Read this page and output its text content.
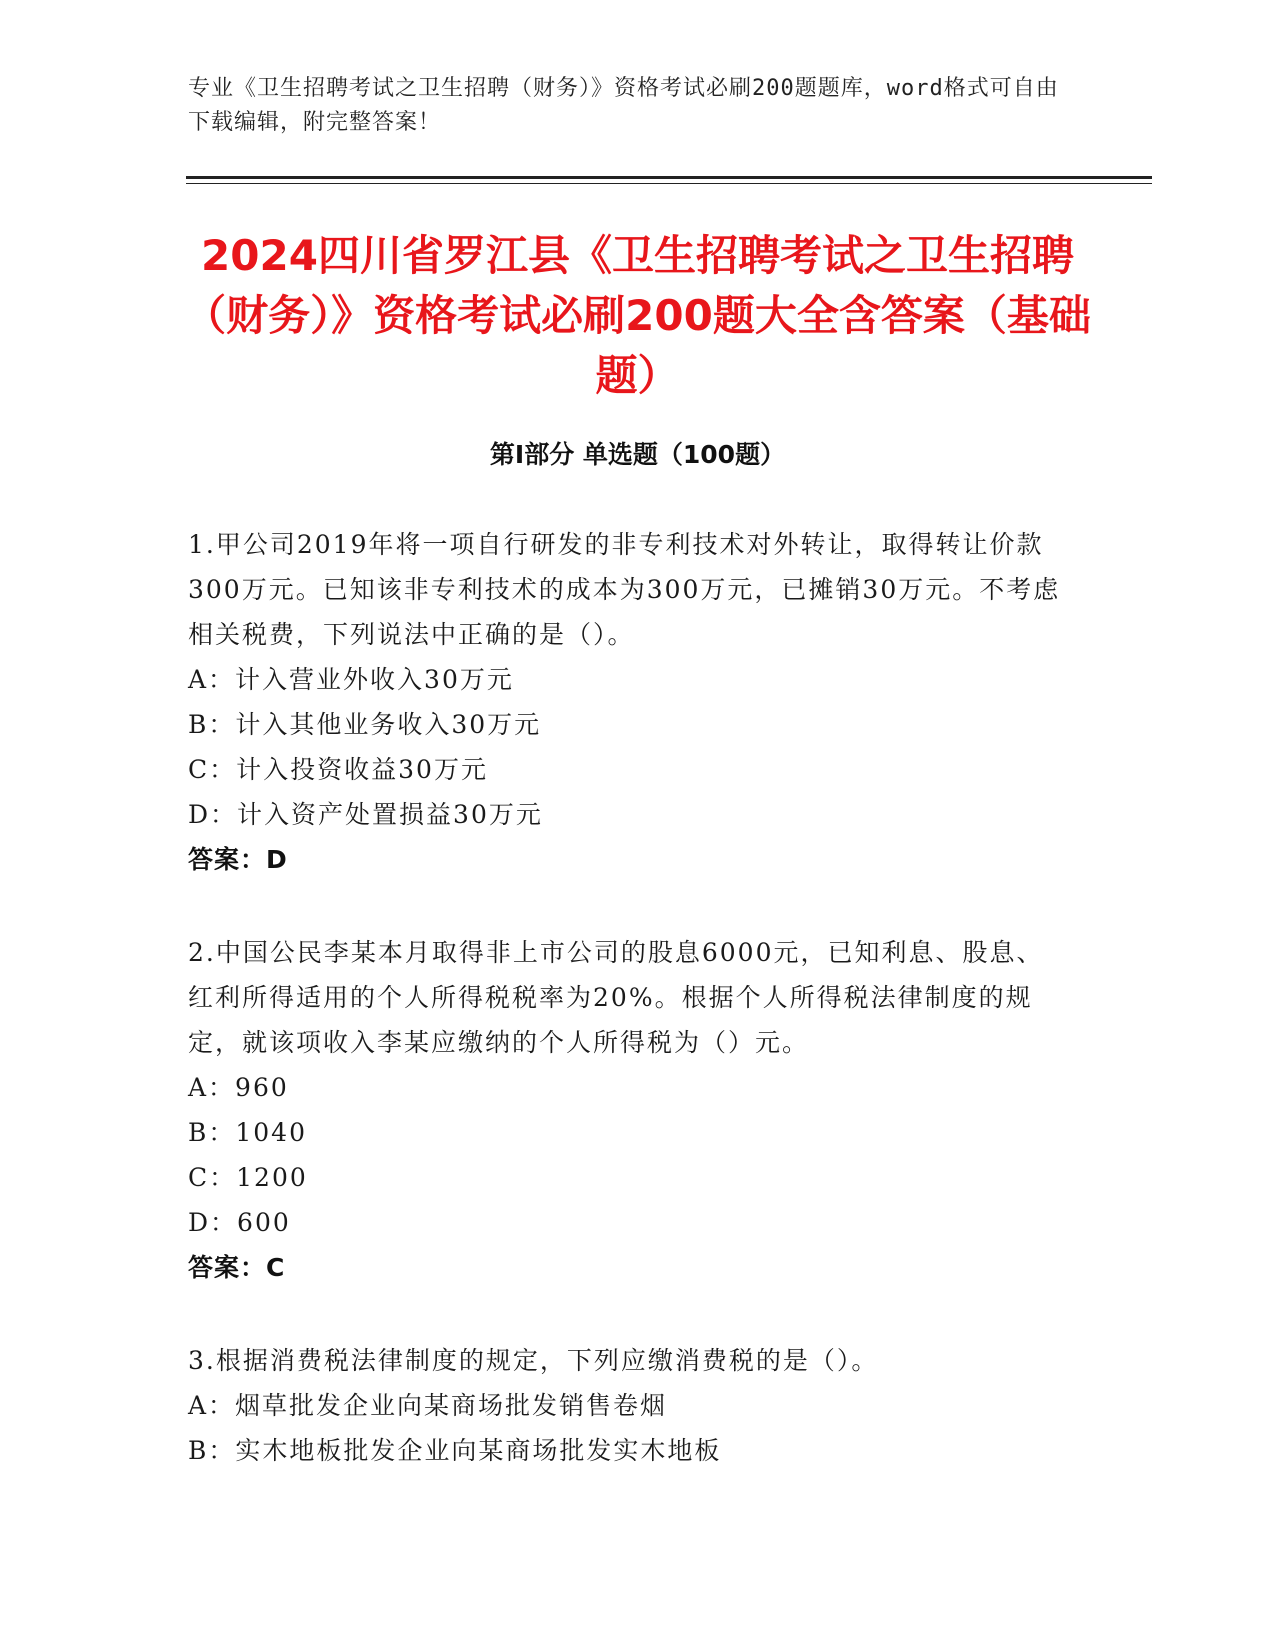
专业《卫生招聘考试之卫生招聘（财务）》资格考试必刷200题题库，word格式可自由下载编辑，附完整答案！
2024四川省罗江县《卫生招聘考试之卫生招聘（财务）》资格考试必刷200题大全含答案（基础题）
第I部分 单选题（100题）

1.甲公司2019年将一项自行研发的非专利技术对外转让，取得转让价款300万元。已知该非专利技术的成本为300万元，已摊销30万元。不考虑相关税费，下列说法中正确的是（）。

A：计入营业外收入30万元

B：计入其他业务收入30万元

C：计入投资收益30万元

D：计入资产处置损益30万元

答案：D

2.中国公民李某本月取得非上市公司的股息6000元，已知利息、股息、红利所得适用的个人所得税税率为20%。根据个人所得税法律制度的规定，就该项收入李某应缴纳的个人所得税为（）元。

A：960

B：1040

C：1200

D：600

答案：C

3.根据消费税法律制度的规定，下列应缴消费税的是（）。

A：烟草批发企业向某商场批发销售卷烟

B：实木地板批发企业向某商场批发实木地板
